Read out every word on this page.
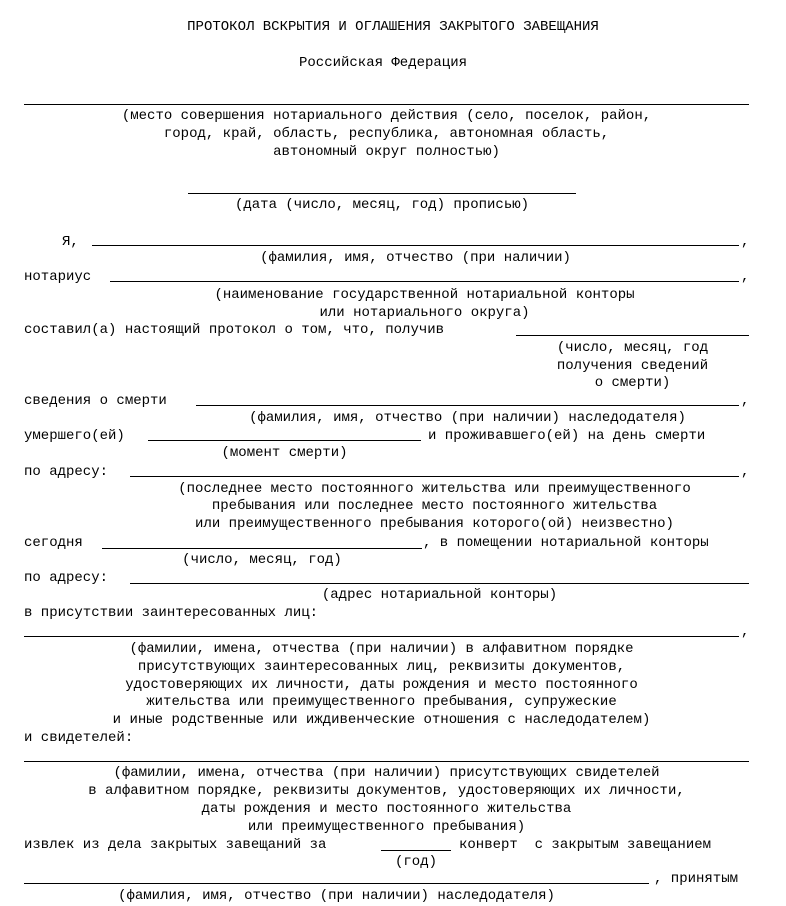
ПРОТОКОЛ ВСКРЫТИЯ И ОГЛАШЕНИЯ ЗАКРЫТОГО ЗАВЕЩАНИЯ
Российская Федерация
(место совершения нотариального действия (село, поселок, район,
город, край, область, республика, автономная область,
автономный округ полностью)
(дата (число, месяц, год) прописью)
Я,	,
(фамилия, имя, отчество (при наличии)
нотариус	,
(наименование государственной нотариальной конторы
или нотариального округа)
составил(а) настоящий протокол о том, что, получив
(число, месяц, год
получения сведений
о смерти)
сведения о смерти	,
(фамилия, имя, отчество (при наличии) наследодателя)
умершего(ей)	и проживавшего(ей) на день смерти
(момент смерти)
по адресу:	,
(последнее место постоянного жительства или преимущественного
пребывания или последнее место постоянного жительства
или преимущественного пребывания которого(ой) неизвестно)
сегодня	, в помещении нотариальной конторы
(число, месяц, год)
по адресу:
(адрес нотариальной конторы)
в присутствии заинтересованных лиц:
,
(фамилии, имена, отчества (при наличии) в алфавитном порядке
присутствующих заинтересованных лиц, реквизиты документов,
удостоверяющих их личности, даты рождения и место постоянного
жительства или преимущественного пребывания, супружеские
и иные родственные или иждивенческие отношения с наследодателем)
и свидетелей:
(фамилии, имена, отчества (при наличии) присутствующих свидетелей
в алфавитном порядке, реквизиты документов, удостоверяющих их личности,
даты рождения и место постоянного жительства
или преимущественного пребывания)
извлек из дела закрытых завещаний за	конверт  с закрытым завещанием
(год)
, принятым
(фамилия, имя, отчество (при наличии) наследодателя)
